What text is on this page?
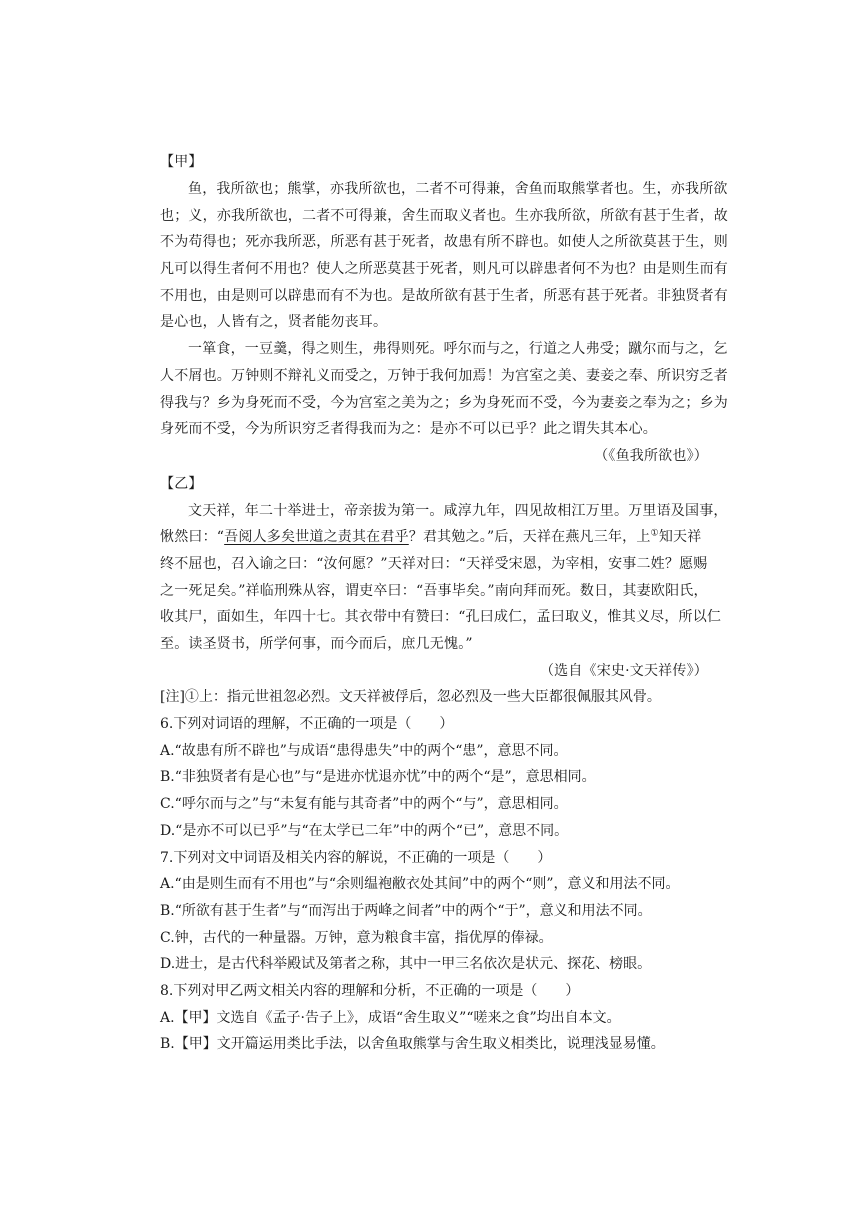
【甲】
鱼，我所欲也；熊掌，亦我所欲也，二者不可得兼，舍鱼而取熊掌者也。生，亦我所欲
也；义，亦我所欲也，二者不可得兼，舍生而取义者也。生亦我所欲，所欲有甚于生者，故
不为苟得也；死亦我所恶，所恶有甚于死者，故患有所不辟也。如使人之所欲莫甚于生，则
凡可以得生者何不用也？使人之所恶莫甚于死者，则凡可以辟患者何不为也？由是则生而有
不用也，由是则可以辟患而有不为也。是故所欲有甚于生者，所恶有甚于死者。非独贤者有
是心也，人皆有之，贤者能勿丧耳。
一箪食，一豆羹，得之则生，弗得则死。呼尔而与之，行道之人弗受；蹴尔而与之，乞
人不屑也。万钟则不辩礼义而受之，万钟于我何加焉！为宫室之美、妻妾之奉、所识穷乏者
得我与？乡为身死而不受，今为宫室之美为之；乡为身死而不受，今为妻妾之奉为之；乡为
身死而不受，今为所识穷乏者得我而为之：是亦不可以已乎？此之谓失其本心。
（《鱼我所欲也》）
【乙】
文天祥，年二十举进士，帝亲拔为第一。咸淳九年，四见故相江万里。万里语及国事，
愀然曰：“吾阅人多矣世道之责其在君乎？君其勉之。”后，天祥在燕凡三年，上①知天祥
终不屈也，召入谕之曰：“汝何愿？”天祥对曰：“天祥受宋恩，为宰相，安事二姓？愿赐
之一死足矣。”祥临刑殊从容，谓吏卒曰：“吾事毕矣。”南向拜而死。数日，其妻欧阳氏，
收其尸，面如生，年四十七。其衣带中有赞曰：“孔曰成仁，孟曰取义，惟其义尽，所以仁
至。读圣贤书，所学何事，而今而后，庶几无愧。”
（选自《宋史·文天祥传》）
[注]①上：指元世祖忽必烈。文天祥被俘后，忽必烈及一些大臣都很佩服其风骨。
6.下列对词语的理解，不正确的一项是（　　）
A.“故患有所不辟也”与成语“患得患失”中的两个“患”，意思不同。
B.“非独贤者有是心也”与“是进亦忧退亦忧”中的两个“是”，意思相同。
C.“呼尔而与之”与“未复有能与其奇者”中的两个“与”，意思相同。
D.“是亦不可以已乎”与“在太学已二年”中的两个“已”，意思不同。
7.下列对文中词语及相关内容的解说，不正确的一项是（　　）
A.“由是则生而有不用也”与“余则缊袍敝衣处其间”中的两个“则”，意义和用法不同。
B.“所欲有甚于生者”与“而泻出于两峰之间者”中的两个“于”，意义和用法不同。
C.钟，古代的一种量器。万钟，意为粮食丰富，指优厚的俸禄。
D.进士，是古代科举殿试及第者之称，其中一甲三名依次是状元、探花、榜眼。
8.下列对甲乙两文相关内容的理解和分析，不正确的一项是（　　）
A.【甲】文选自《孟子·告子上》，成语“舍生取义”“嗟来之食”均出自本文。
B.【甲】文开篇运用类比手法，以舍鱼取熊掌与舍生取义相类比，说理浅显易懂。
